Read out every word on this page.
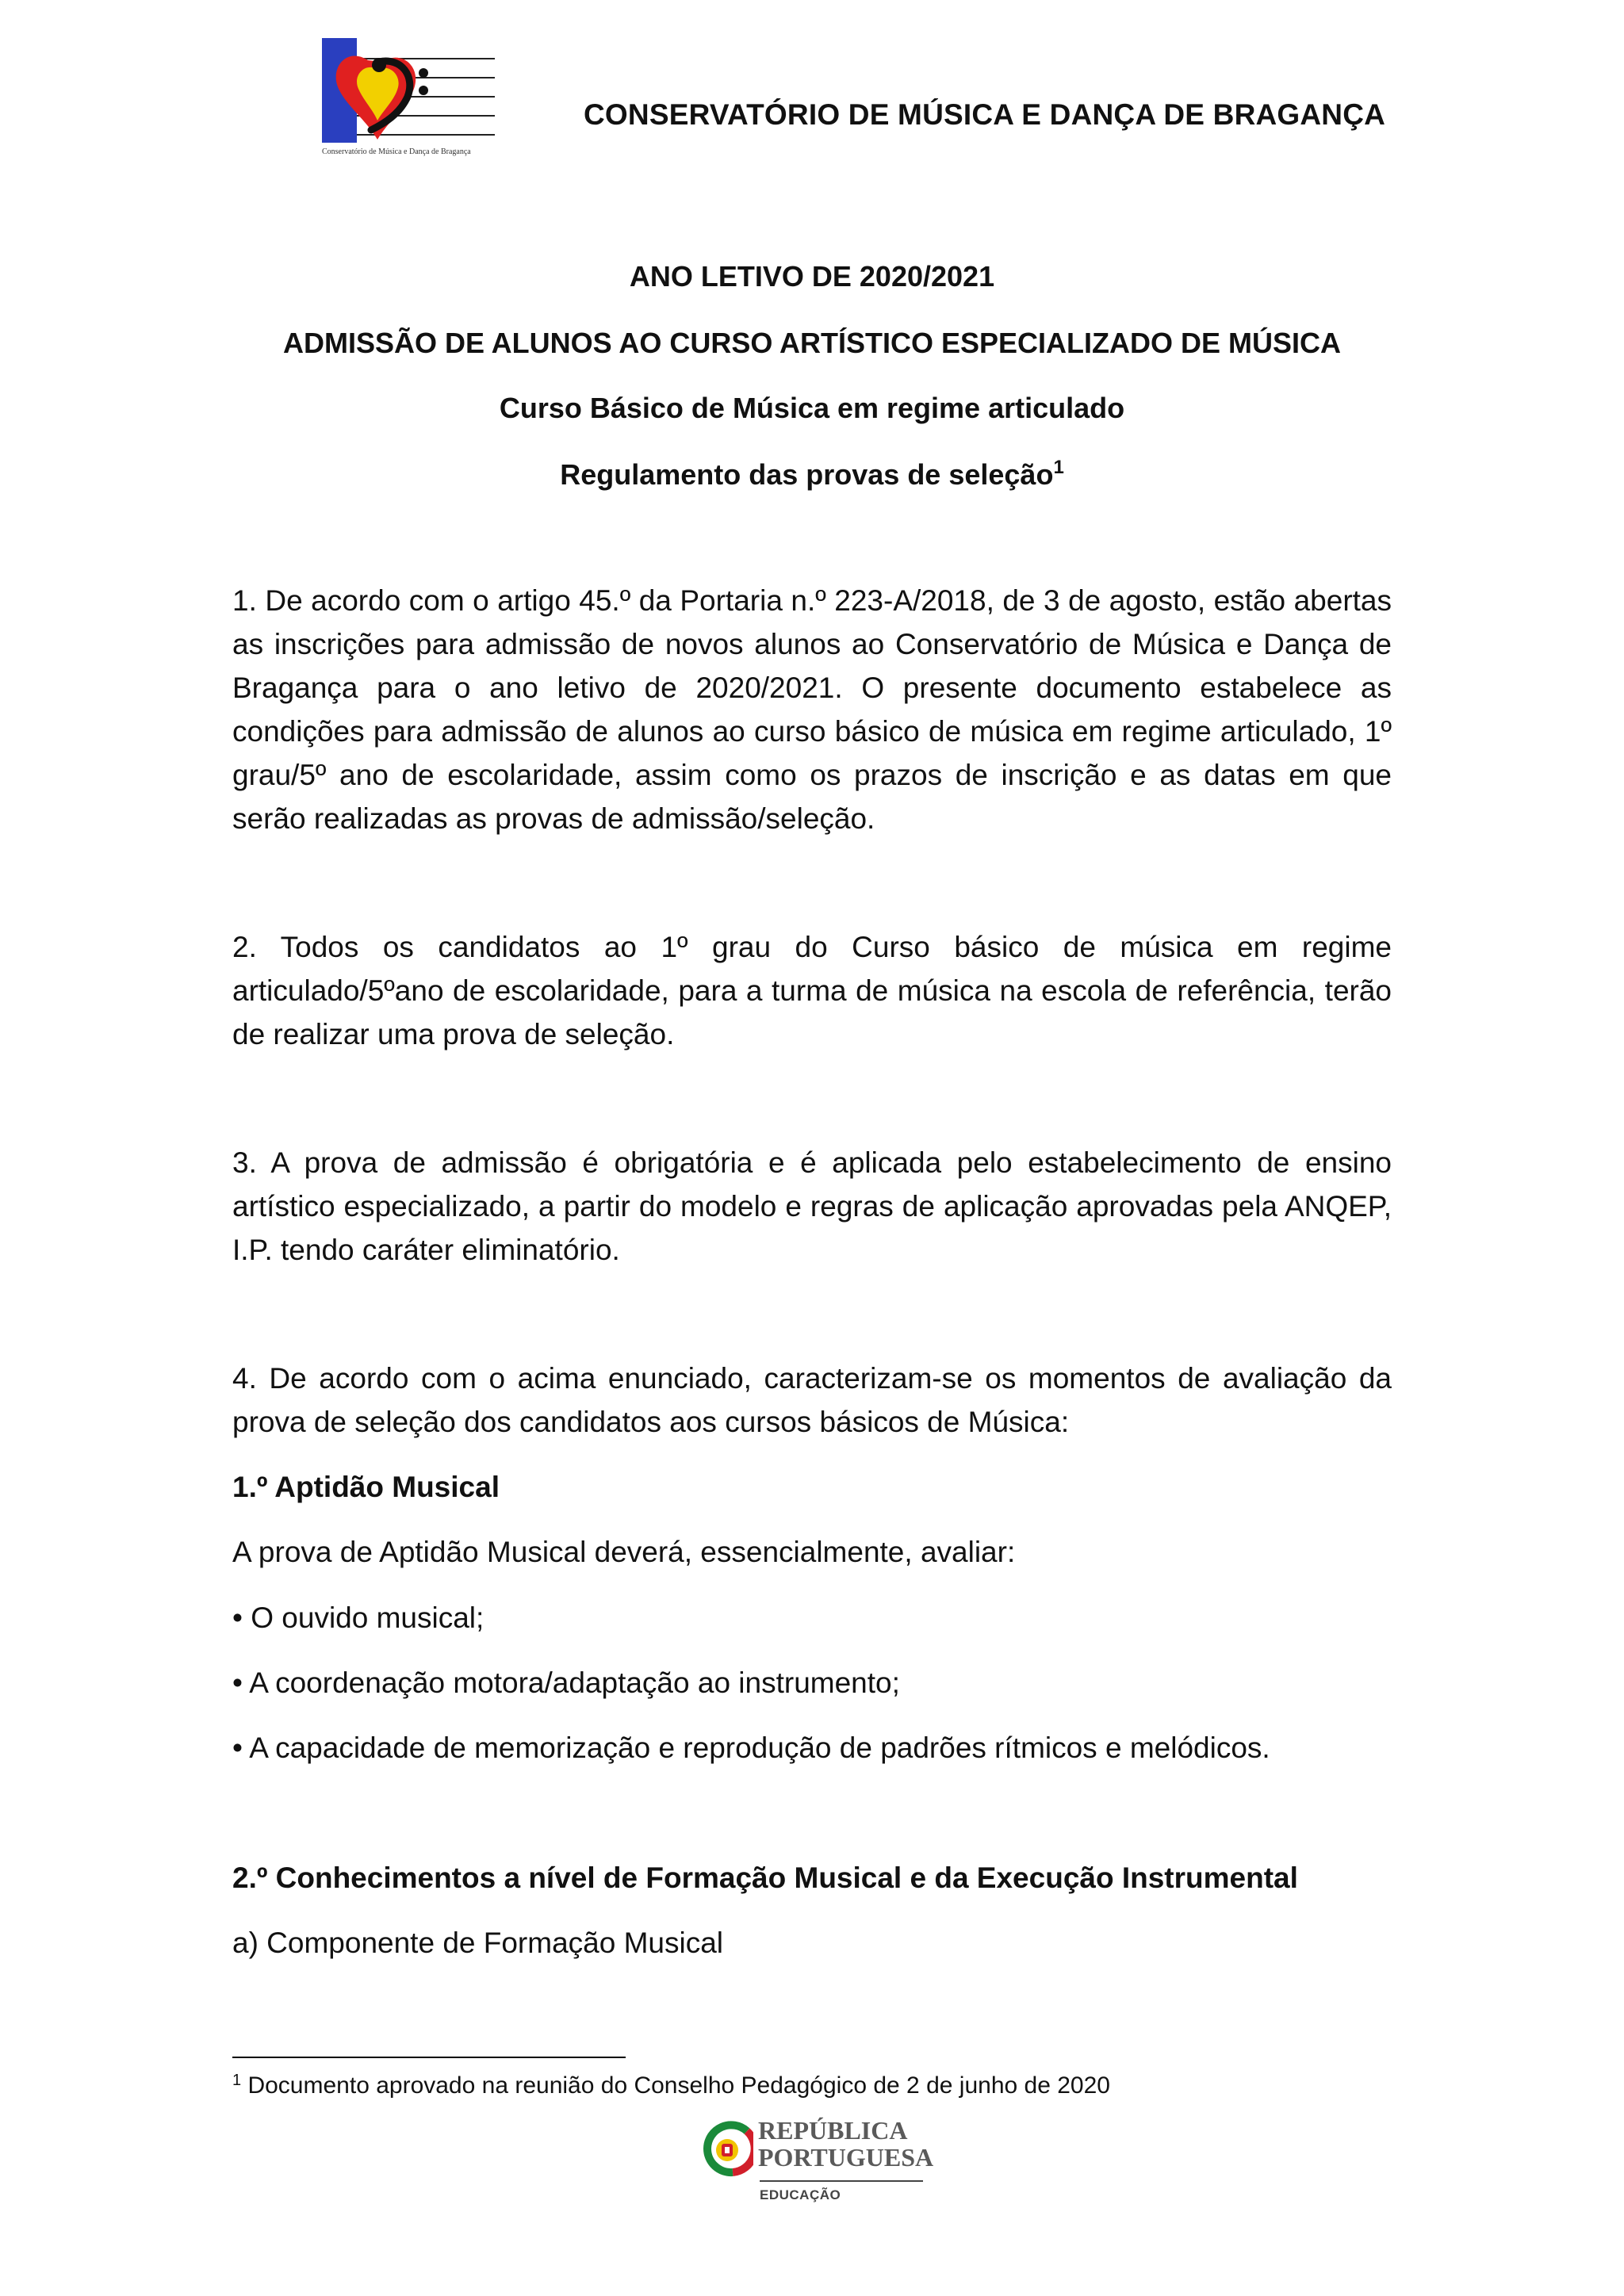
Conservatório de Música e Dança de Bragança
CONSERVATÓRIO DE MÚSICA E DANÇA DE BRAGANÇA
ANO LETIVO DE 2020/2021
ADMISSÃO DE ALUNOS AO CURSO ARTÍSTICO ESPECIALIZADO DE MÚSICA
Curso Básico de Música em regime articulado
Regulamento das provas de seleção$^1$
1. De acordo com o artigo 45.º da Portaria n.º 223-A/2018, de 3 de agosto, estão abertas as inscrições para admissão de novos alunos ao Conservatório de Música e Dança de Bragança para o ano letivo de 2020/2021. O presente documento estabelece as condições para admissão de alunos ao curso básico de música em regime articulado, 1º grau/5º ano de escolaridade, assim como os prazos de inscrição e as datas em que serão realizadas as provas de admissão/seleção.
2. Todos os candidatos ao 1º grau do Curso básico de música em regime articulado/5ºano de escolaridade, para a turma de música na escola de referência, terão de realizar uma prova de seleção.
3. A prova de admissão é obrigatória e é aplicada pelo estabelecimento de ensino artístico especializado, a partir do modelo e regras de aplicação aprovadas pela ANQEP, I.P. tendo caráter eliminatório.
4. De acordo com o acima enunciado, caracterizam-se os momentos de avaliação da prova de seleção dos candidatos aos cursos básicos de Música:
1.º Aptidão Musical
A prova de Aptidão Musical deverá, essencialmente, avaliar:
• O ouvido musical;
• A coordenação motora/adaptação ao instrumento;
• A capacidade de memorização e reprodução de padrões rítmicos e melódicos.
2.º Conhecimentos a nível de Formação Musical e da Execução Instrumental
a) Componente de Formação Musical
$^1$ Documento aprovado na reunião do Conselho Pedagógico de 2 de junho de 2020
REPÚBLICA
PORTUGUESA
EDUCAÇÃO
